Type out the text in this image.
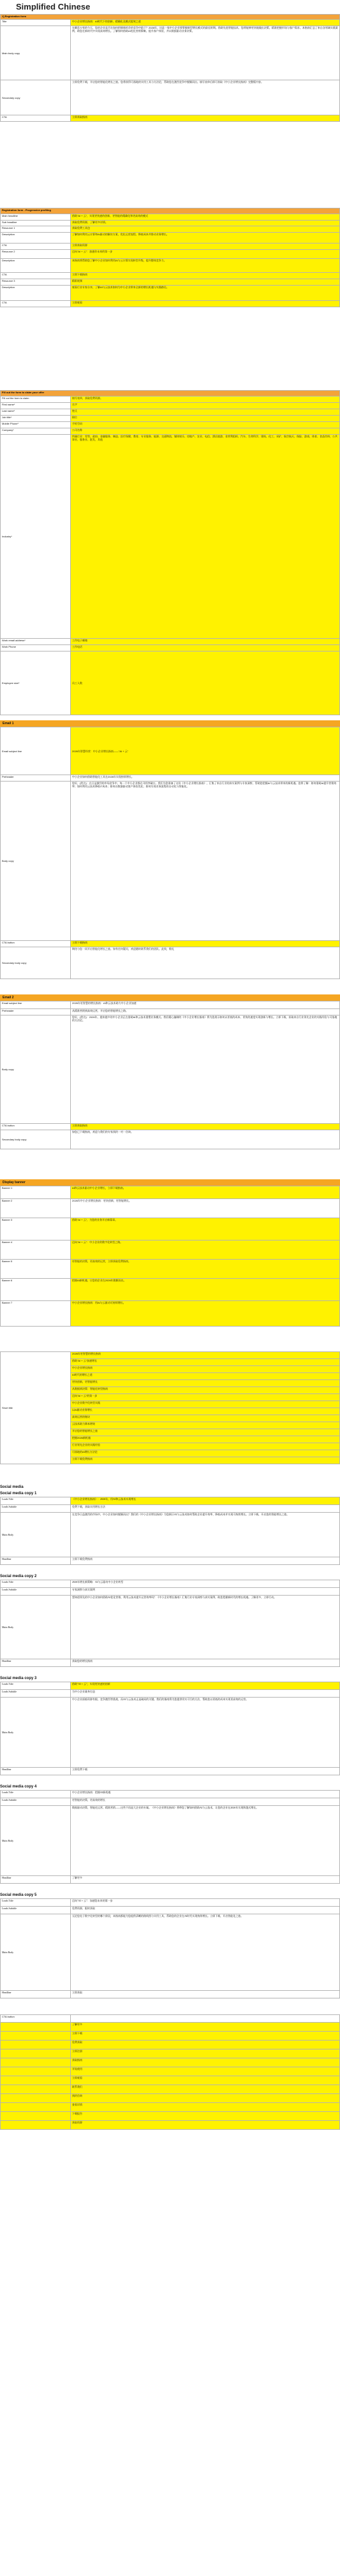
Simplified Chinese
1] Registration form	
Title	中小企业增长指南：AI时代下的创新、精确化及模式提效之道
Main body copy	在瞬息万变的今天，您的企业是否在如何把握新机会的竞争中陷于？2026年，这是一家中小企业要掌握新型增长模式的最佳时期。借助先进智能技术，您将能够更快地做出决策、精准把握市场与客户需求。本指南汇总了来自各领域实践案例，助您在新时代中实现高效增长。了解如何借助AI优化营销策略，提升客户体验，并以数据驱动业务决策。
Secondary copy	立即免费下载，开启您的智能化增长之旅。您将获得可落地的实用工具与方法论，帮助您在激烈竞争中脱颖而出。填写表单后即可获取《中小企业增长指南》完整版内容。
CTA	立即获取指南
Registration form - Progressive profiling	
Main headline	借助"AI + 云"，实现更快速的创新、更智能的精确化和更高效的模式
Sub headline	获取免费资源，了解更多详情。
Resource 1	获取免费工具包
Description	了解如何利用云计算和AI驱动的解决方案，优化运营流程、降低成本并推动业务增长。
CTA	立即获取资源
Resource 2	迈向"AI + 云"：加速你未来的第一步
Description	本指南将帮助您了解中小企业如何利用AI与云计算实现转型升级，提升整体竞争力。
CTA	立即下载指南
Resource 3	精彩视频
Description	观看行业专家分享，了解AI与云技术如何为中小企业带来全新的增长机遇与实践路径。
CTA	立即观看
Fill out the form to claim your offer	
Fill out the form to claim	填写表单，获取免费资源。
First name*	名字
Last name*	姓氏
Job title*	职位
Mobile Phone*	手机号码
Company*	公司名称
Industry*	所属行业：零售、政府、金融服务、制造、医疗保健、教育、专业服务、能源、交通物流、媒体娱乐、房地产、农业、电信、酒店旅游、非营利组织、汽车、生命科学、建筑、化工、采矿、航空航天、保险、游戏、体育、食品饮料、公共事业、服务业、批发、其他
Work email address*	工作电子邮箱
Work Phone	工作电话
Employee size*	员工人数
Email 1
Email subject line	2026年智慧经营：中小企业增长指南——"AI + 云"
Preheader	中小企业如何借助智能化工具在2026年实现持续增长。
Body copy	您好，{姓名}：在日益激烈的市场竞争中，每一个中小企业都在寻找突破口。我们为您准备了这份《中小企业增长指南》，汇集了来自行业的真实案例与专家洞察，帮助您把握AI与云技术带来的新机遇。您将了解：如何借助AI提升营销效率；如何利用云技术降低IT成本；如何以数据驱动客户体验优化；如何实现业务流程的自动化与智能化。
CTA button	立即下载指南
Secondary body copy	期待与您一同开启智能化增长之旅。如有任何疑问，欢迎随时联系我们的团队。此致，敬礼
Email 2
Email subject line	2026年更智慧的增长指南：AI和云技术助力中小企业加速
Preheader	从精准营销到高效运营，开启您的智能增长之路。
Body copy	您好，{姓名}：2026年，越来越多的中小企业正在借助AI和云技术重塑业务模式。我们精心编制的《中小企业增长指南》将为您展示如何以更低的成本、更快的速度实现创新与增长。立即下载，获取来自行业领先企业的实践经验与可落地的方法论。
CTA button	立即获取指南
Secondary body copy	如您已下载指南，欢迎与我们的专家预约一对一咨询。
Display banner
Banner 1	AI和云技术驱动中小企业增长，立即下载指南。
Banner 2	2026年中小企业增长指南：更快创新，更智能增长。
Banner 3	借助"AI + 云"，为您的业务开启新篇章。
Banner 4	迈向"AI + 云"：中小企业的数字化转型之路。
Banner 5	更智能的决策，更高效的运营，立即获取免费指南。
Banner 6	把握AI新机遇，让您的企业在2026年脱颖而出。
Banner 7	中小企业增长指南：用AI与云驱动可持续增长。
Short title	2026年更智慧的增长指南
借助"AI + 云"加速增长
中小企业增长指南
AI时代的增长之道
更快创新，更智能增长
从数据到决策：智能化转型指南
迈向"AI + 云"的第一步
中小企业数字化转型实践
以AI驱动业务增长
高效运营的秘诀
云技术助力降本增效
开启您的智能增长之旅
把握2026新机遇
行业领先企业的实践经验
可落地的AI增长方法论
立即下载免费指南
Social media
Social media copy 1
Leads Title	《中小企业增长指南》：2026年，用AI和云技术实现增长
Leads Subtitle	免费下载，获取实用增长方法
Main Body	在竞争日益激烈的市场中，中小企业如何脱颖而出？我们的《中小企业增长指南》为您揭示AI与云技术如何帮助企业提升效率、降低成本并实现可持续增长。立即下载，开启您的智能增长之旅。
Headline	立即下载免费指南
Social media copy 2
Leads Title	2026年增长新策略：AI与云驱动中小企业转型
Leads Subtitle	专家洞察与真实案例
Main Body	想知道领先的中小企业如何借助AI优化营销、利用云技术提升运营效率吗？《中小企业增长指南》汇集行业专家洞察与真实案例，助您把握新时代的增长机遇。了解更多，立即行动。
Headline	获取您的增长指南
Social media copy 3
Leads Title	借助"AI + 云"，实现更快速的创新
Leads Subtitle	为中小企业量身打造
Main Body	中小企业面临资源有限、竞争激烈等挑战，而AI与云技术正是破局的关键。我们的指南将为您提供切实可行的方法，帮助您以更低的成本实现更高效的运营。
Headline	立即免费下载
Social media copy 4
Leads Title	中小企业增长指南：把握AI新机遇
Leads Subtitle	更智能的决策，更高效的增长
Main Body	数据驱动决策、智能化运营、精准营销——这些不再是大企业的专属。《中小企业增长指南》将带您了解如何借助AI与云技术，让您的企业在2026年实现跨越式增长。
Headline	了解更多
Social media copy 5
Leads Title	迈向"AI + 云"：加速您未来的第一步
Leads Subtitle	免费资源，限时获取
Main Body	无论您处于数字化转型的哪个阶段，本指南都能为您提供清晰的路线图与实用工具，帮助您的企业在AI时代实现持续增长。立即下载，开启智能化之旅。
Headline	立即获取
CTA button	
	了解更多
	立即下载
	免费获取
	立即注册
	获取指南
	开始使用
	立即观看
	联系我们
	预约咨询
	查看详情
	下载报告
	获取资源
